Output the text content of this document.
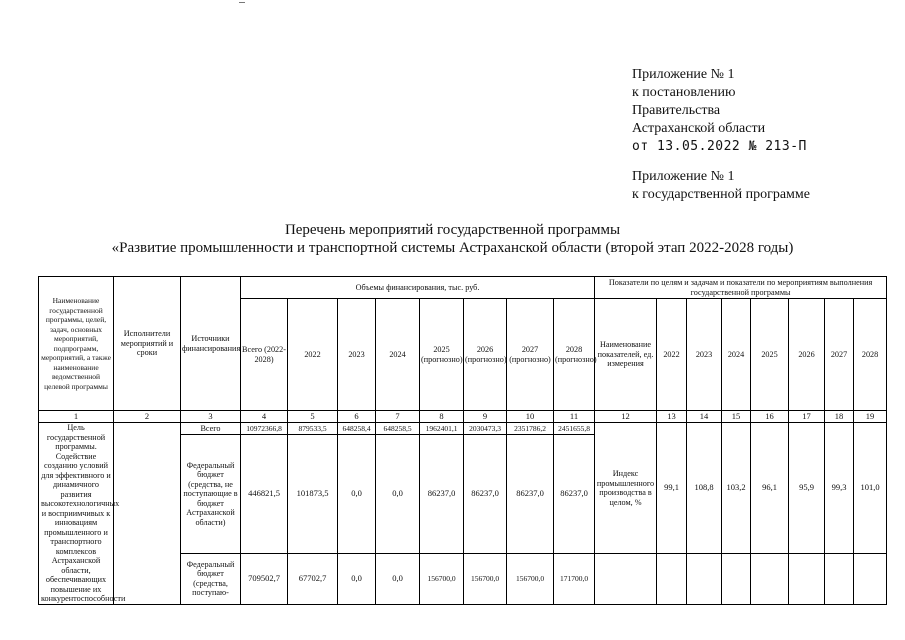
Приложение № 1
к постановлению
Правительства
Астраханской области
от 13.05.2022 № 213-П
Приложение № 1
к государственной программе
Перечень мероприятий государственной программы
«Развитие промышленности и транспортной системы Астраханской области (второй этап 2022-2028 годы)
Наименование государственной программы, целей, задач, основных мероприятий, подпрограмм, мероприятий, а также наименование ведомственной целевой программы	Исполнители мероприятий и сроки	Источники финансирования	Объемы финансирования, тыс. руб.								Показатели по целям и задачам и показатели по мероприятиям выполнения государственной программы							
			Всего (2022-2028)	2022	2023	2024	2025 (прогнозно)	2026 (прогнозно)	2027 (прогнозно)	2028 (прогнозно)	Наименование показателей, ед. измерения	2022	2023	2024	2025	2026	2027	2028
1	2	3	4	5	6	7	8	9	10	11	12	13	14	15	16	17	18	19
Цель государственной программы. Содействие созданию условий для эффективного и динамичного развития высокотехнологичных и восприимчивых к инновациям промышленного и транспортного комплексов Астраханской области, обеспечивающих повышение их конкурентоспособности		Всего	10972366,8	879533,5	648258,4	648258,5	1962401,1	2030473,3	2351786,2	2451655,8	Индекс промышленного производства в целом, %	99,1	108,8	103,2	96,1	95,9	99,3	101,0
		Федеральный бюджет (средства, не поступающие в бюджет Астраханской области)	446821,5	101873,5	0,0	0,0	86237,0	86237,0	86237,0	86237,0								
		Федеральный бюджет (средства, поступаю-	709502,7	67702,7	0,0	0,0	156700,0	156700,0	156700,0	171700,0								
